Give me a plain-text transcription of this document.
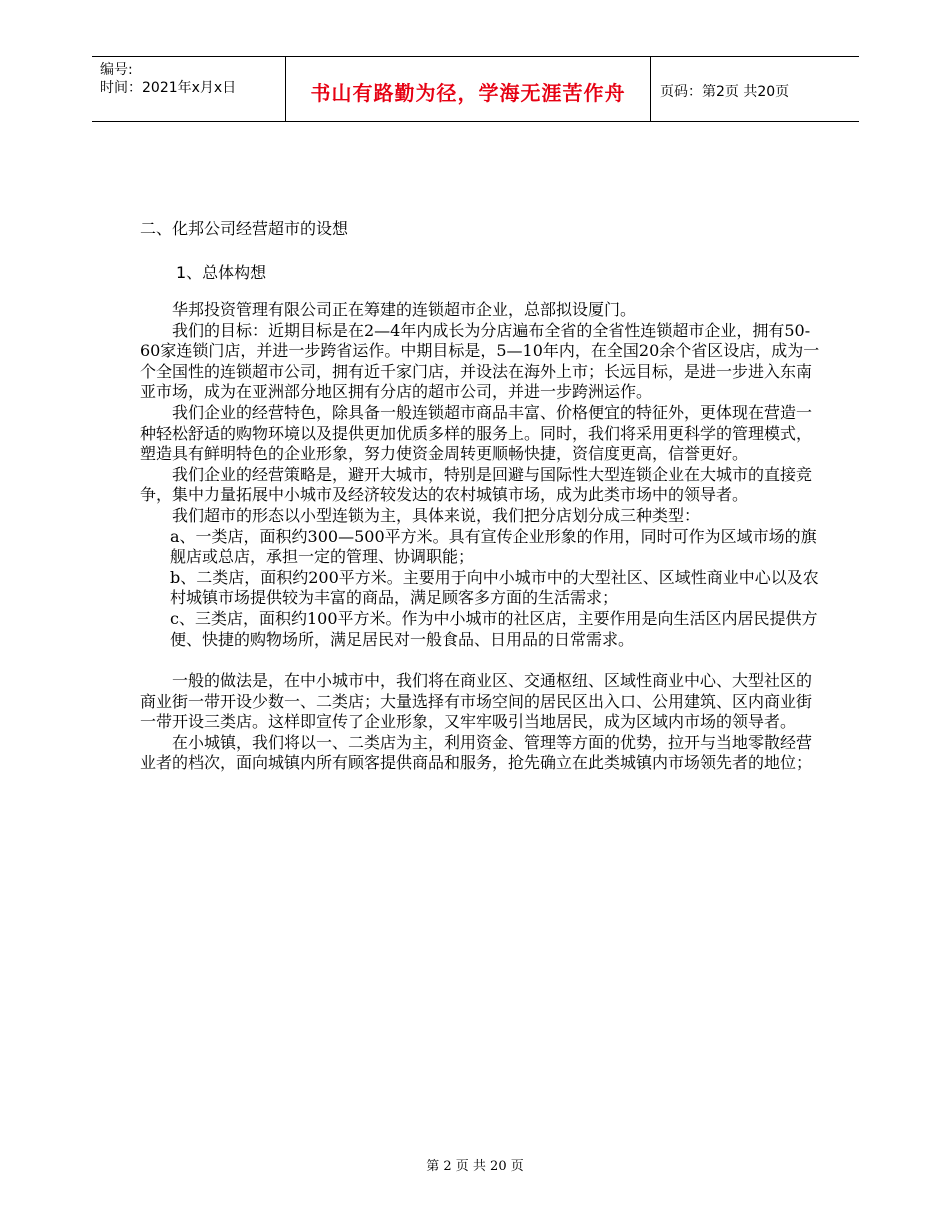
编号:
时间：2021年x月x日	书山有路勤为径，学海无涯苦作舟	页码：第2页 共20页
二、化邦公司经营超市的设想
1、总体构想

华邦投资管理有限公司正在筹建的连锁超市企业，总部拟设厦门。

我们的目标：近期目标是在2—4年内成长为分店遍布全省的全省性连锁超市企业，拥有50-60家连锁门店，并进一步跨省运作。中期目标是，5—10年内，在全国20余个省区设店，成为一个全国性的连锁超市公司，拥有近千家门店，并设法在海外上市；长远目标，是进一步进入东南亚市场，成为在亚洲部分地区拥有分店的超市公司，并进一步跨洲运作。

我们企业的经营特色，除具备一般连锁超市商品丰富、价格便宜的特征外，更体现在营造一种轻松舒适的购物环境以及提供更加优质多样的服务上。同时，我们将采用更科学的管理模式，塑造具有鲜明特色的企业形象，努力使资金周转更顺畅快捷，资信度更高，信誉更好。

我们企业的经营策略是，避开大城市，特别是回避与国际性大型连锁企业在大城市的直接竞争，集中力量拓展中小城市及经济较发达的农村城镇市场，成为此类市场中的领导者。

我们超市的形态以小型连锁为主，具体来说，我们把分店划分成三种类型：

a、一类店，面积约300—500平方米。具有宣传企业形象的作用，同时可作为区域市场的旗舰店或总店，承担一定的管理、协调职能；

b、二类店，面积约200平方米。主要用于向中小城市中的大型社区、区域性商业中心以及农村城镇市场提供较为丰富的商品，满足顾客多方面的生活需求；

c、三类店，面积约100平方米。作为中小城市的社区店，主要作用是向生活区内居民提供方便、快捷的购物场所，满足居民对一般食品、日用品的日常需求。

一般的做法是，在中小城市中，我们将在商业区、交通枢纽、区域性商业中心、大型社区的商业街一带开设少数一、二类店；大量选择有市场空间的居民区出入口、公用建筑、区内商业街一带开设三类店。这样即宣传了企业形象，又牢牢吸引当地居民，成为区域内市场的领导者。

在小城镇，我们将以一、二类店为主，利用资金、管理等方面的优势，拉开与当地零散经营业者的档次，面向城镇内所有顾客提供商品和服务，抢先确立在此类城镇内市场领先者的地位；

第 2 页 共 20 页
